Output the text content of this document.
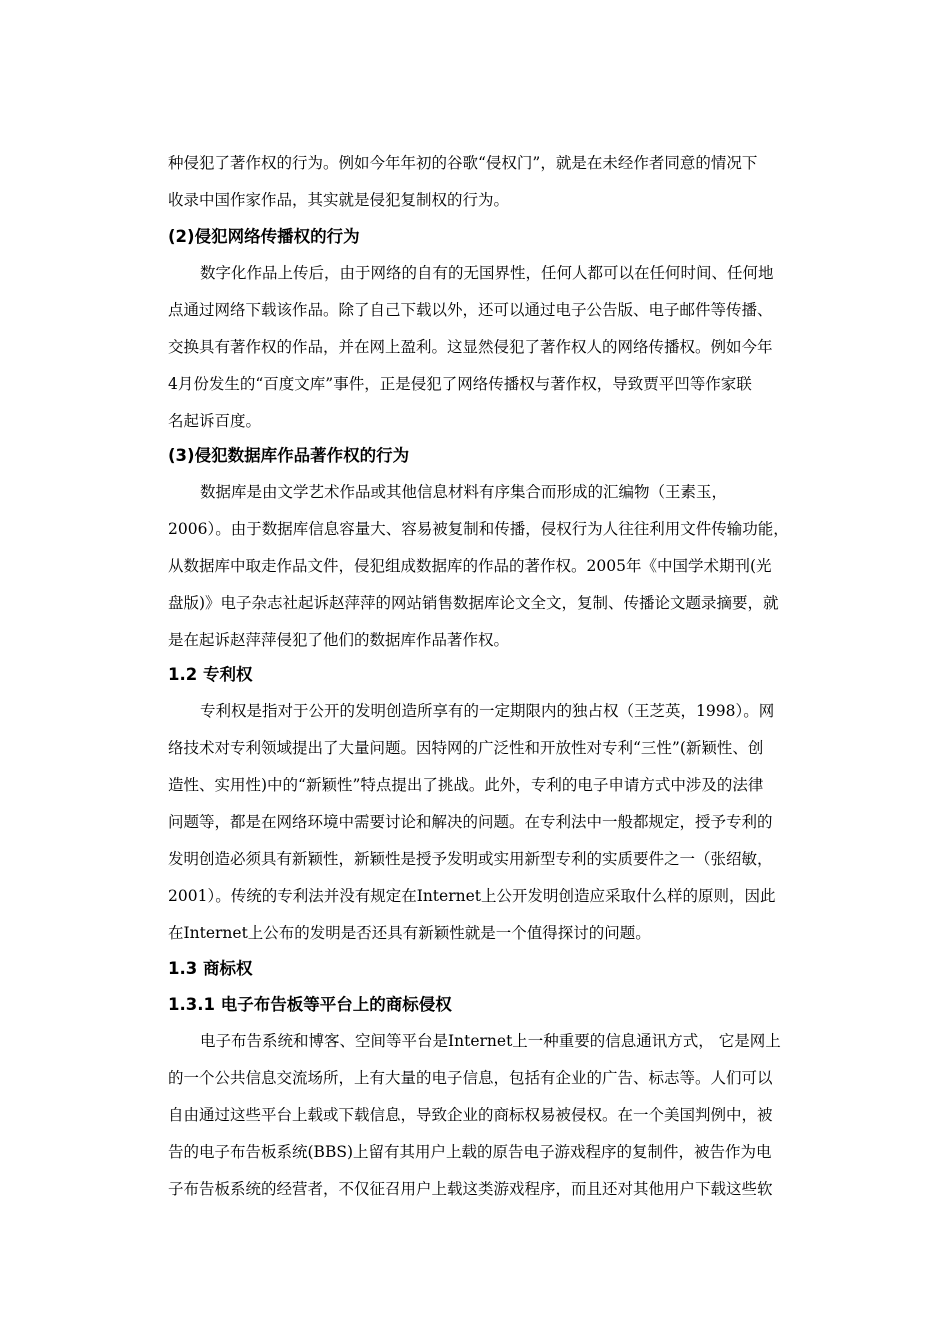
种侵犯了著作权的行为。例如今年年初的谷歌“侵权门”，就是在未经作者同意的情况下
收录中国作家作品，其实就是侵犯复制权的行为。
(2)侵犯网络传播权的行为
数字化作品上传后，由于网络的自有的无国界性，任何人都可以在任何时间、任何地
点通过网络下载该作品。除了自己下载以外，还可以通过电子公告版、电子邮件等传播、
交换具有著作权的作品，并在网上盈利。这显然侵犯了著作权人的网络传播权。例如今年
4月份发生的“百度文库”事件，正是侵犯了网络传播权与著作权，导致贾平凹等作家联
名起诉百度。
(3)侵犯数据库作品著作权的行为
数据库是由文学艺术作品或其他信息材料有序集合而形成的汇编物（王素玉，
2006）。由于数据库信息容量大、容易被复制和传播，侵权行为人往往利用文件传输功能，
从数据库中取走作品文件，侵犯组成数据库的作品的著作权。2005年《中国学术期刊(光
盘版)》电子杂志社起诉赵萍萍的网站销售数据库论文全文，复制、传播论文题录摘要，就
是在起诉赵萍萍侵犯了他们的数据库作品著作权。
1.2 专利权
专利权是指对于公开的发明创造所享有的一定期限内的独占权（王芝英，1998）。网
络技术对专利领域提出了大量问题。因特网的广泛性和开放性对专利“三性”(新颖性、创
造性、实用性)中的“新颖性”特点提出了挑战。此外，专利的电子申请方式中涉及的法律
问题等，都是在网络环境中需要讨论和解决的问题。在专利法中一般都规定，授予专利的
发明创造必须具有新颖性，新颖性是授予发明或实用新型专利的实质要件之一（张绍敏，
2001）。传统的专利法并没有规定在Internet上公开发明创造应采取什么样的原则，因此
在Internet上公布的发明是否还具有新颖性就是一个值得探讨的问题。
1.3 商标权
1.3.1 电子布告板等平台上的商标侵权
电子布告系统和博客、空间等平台是Internet上一种重要的信息通讯方式， 它是网上
的一个公共信息交流场所，上有大量的电子信息，包括有企业的广告、标志等。人们可以
自由通过这些平台上载或下载信息，导致企业的商标权易被侵权。在一个美国判例中，被
告的电子布告板系统(BBS)上留有其用户上载的原告电子游戏程序的复制件，被告作为电
子布告板系统的经营者，不仅征召用户上载这类游戏程序，而且还对其他用户下载这些软
